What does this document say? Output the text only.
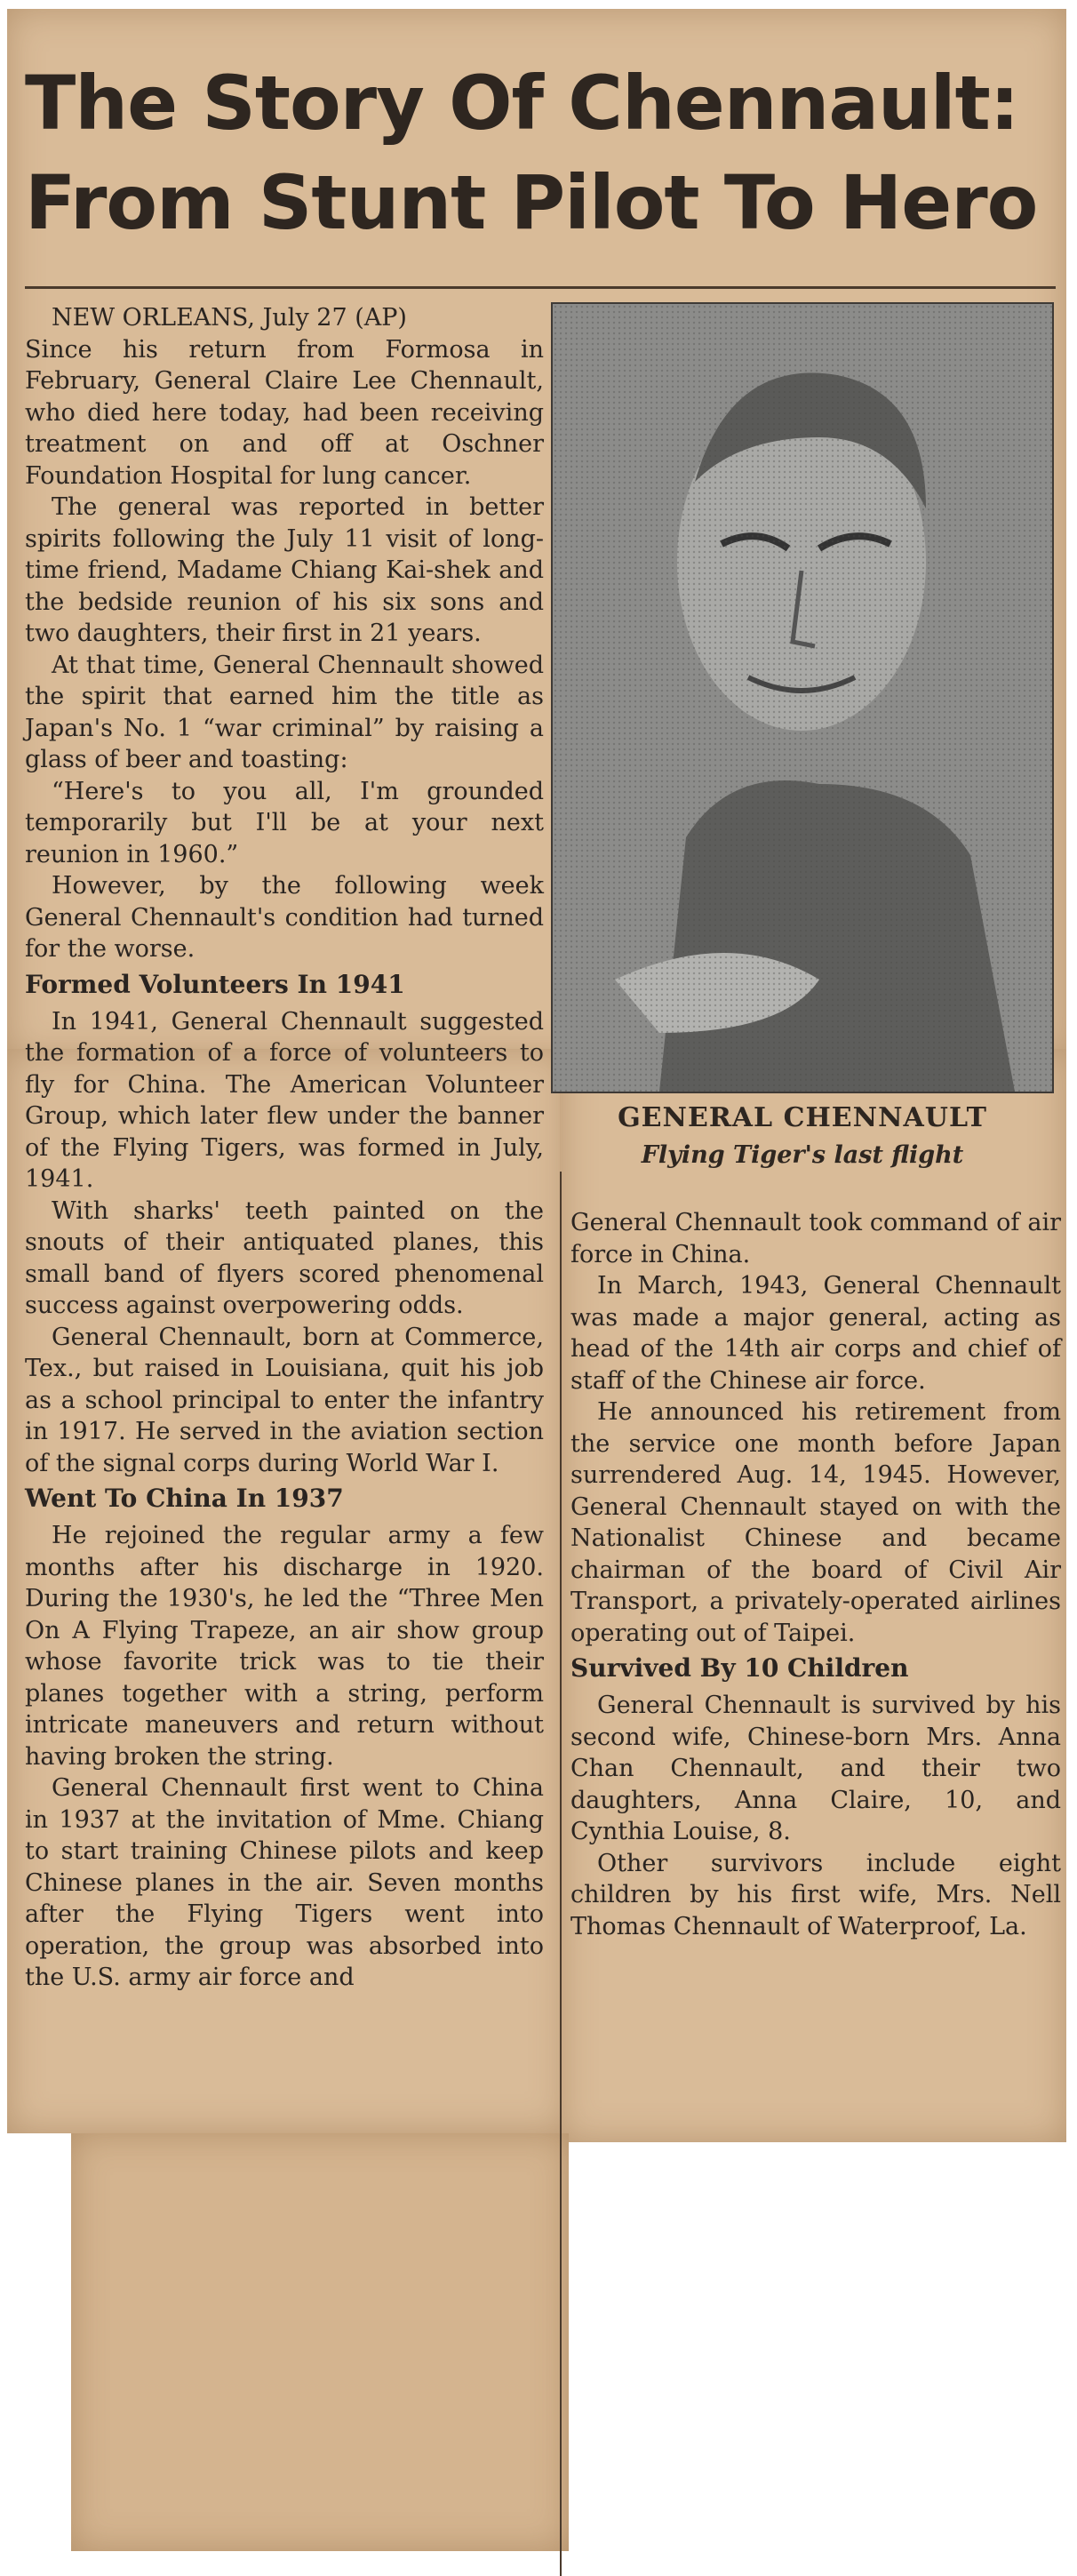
The Story Of Chennault:
From Stunt Pilot To Hero

NEW ORLEANS, July 27 (AP)

Since his return from Formosa in February, General Claire Lee Chennault, who died here today, had been receiving treatment on and off at Oschner Foundation Hospital for lung cancer.

The general was reported in better spirits following the July 11 visit of long-time friend, Madame Chiang Kai-shek and the bedside reunion of his six sons and two daughters, their first in 21 years.

At that time, General Chennault showed the spirit that earned him the title as Japan's No. 1 “war criminal” by raising a glass of beer and toasting:

“Here's to you all, I'm grounded temporarily but I'll be at your next reunion in 1960.”

However, by the following week General Chennault's condition had turned for the worse.

Formed Volunteers In 1941

In 1941, General Chennault suggested the formation of a force of volunteers to fly for China. The American Volunteer Group, which later flew under the banner of the Flying Tigers, was formed in July, 1941.

With sharks' teeth painted on the snouts of their antiquated planes, this small band of flyers scored phenomenal success against overpowering odds.

General Chennault, born at Commerce, Tex., but raised in Louisiana, quit his job as a school principal to enter the infantry in 1917. He served in the aviation section of the signal corps during World War I.

Went To China In 1937

He rejoined the regular army a few months after his discharge in 1920. During the 1930's, he led the “Three Men On A Flying Trapeze, an air show group whose favorite trick was to tie their planes together with a string, perform intricate maneuvers and return without having broken the string.

General Chennault first went to China in 1937 at the invitation of Mme. Chiang to start training Chinese pilots and keep Chinese planes in the air. Seven months after the Flying Tigers went into operation, the group was absorbed into the U.S. army air force and

GENERAL CHENNAULT

Flying Tiger's last flight

General Chennault took command of air force in China.

In March, 1943, General Chennault was made a major general, acting as head of the 14th air corps and chief of staff of the Chinese air force.

He announced his retirement from the service one month before Japan surrendered Aug. 14, 1945. However, General Chennault stayed on with the Nationalist Chinese and became chairman of the board of Civil Air Transport, a privately-operated airlines operating out of Taipei.

Survived By 10 Children

General Chennault is survived by his second wife, Chinese-born Mrs. Anna Chan Chennault, and their two daughters, Anna Claire, 10, and Cynthia Louise, 8.

Other survivors include eight children by his first wife, Mrs. Nell Thomas Chennault of Waterproof, La.
